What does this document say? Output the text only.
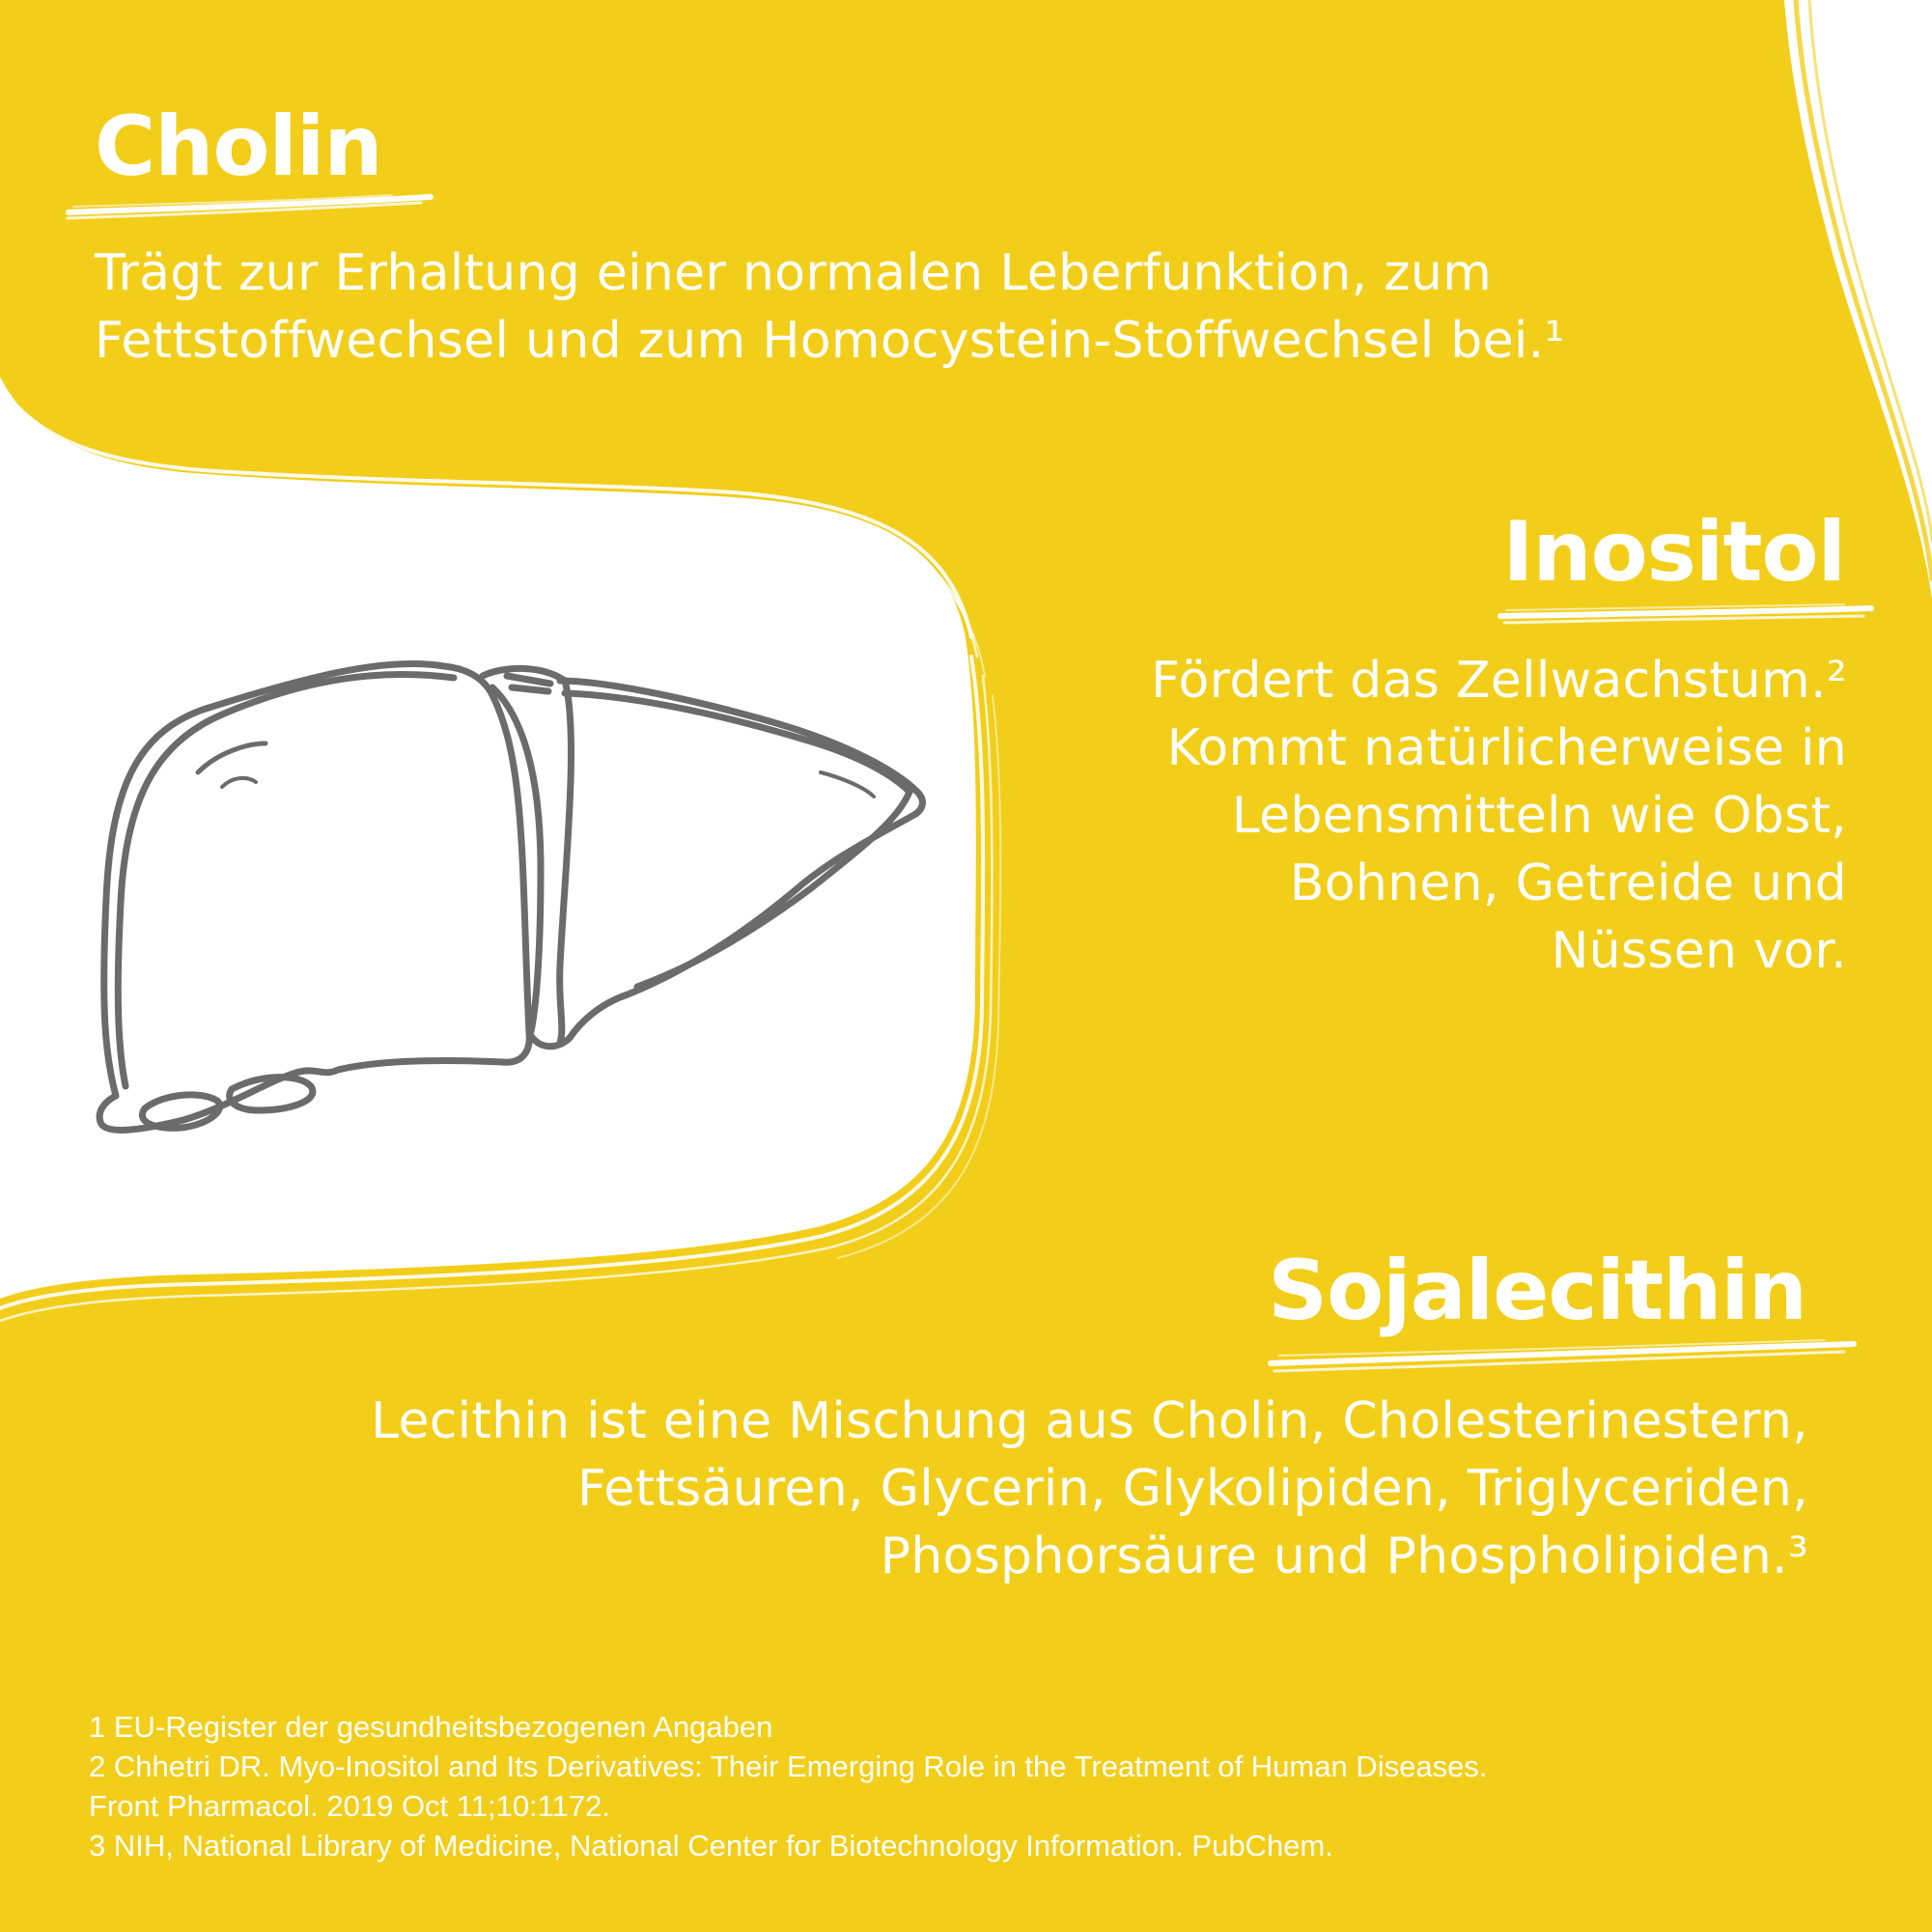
Cholin

Trägt zur Erhaltung einer normalen Leberfunktion, zum
Fettstoffwechsel und zum Homocystein-Stoffwechsel bei.¹

Inositol

Fördert das Zellwachstum.²
Kommt natürlicherweise in
Lebensmitteln wie Obst,
Bohnen, Getreide und
Nüssen vor.

Sojalecithin

Lecithin ist eine Mischung aus Cholin, Cholesterinestern,
Fettsäuren, Glycerin, Glykolipiden, Triglyceriden,
Phosphorsäure und Phospholipiden.³

1 EU-Register der gesundheitsbezogenen Angaben
2 Chhetri DR. Myo-Inositol and Its Derivatives: Their Emerging Role in the Treatment of Human Diseases.
Front Pharmacol. 2019 Oct 11;10:1172.
3 NIH, National Library of Medicine, National Center for Biotechnology Information. PubChem.
